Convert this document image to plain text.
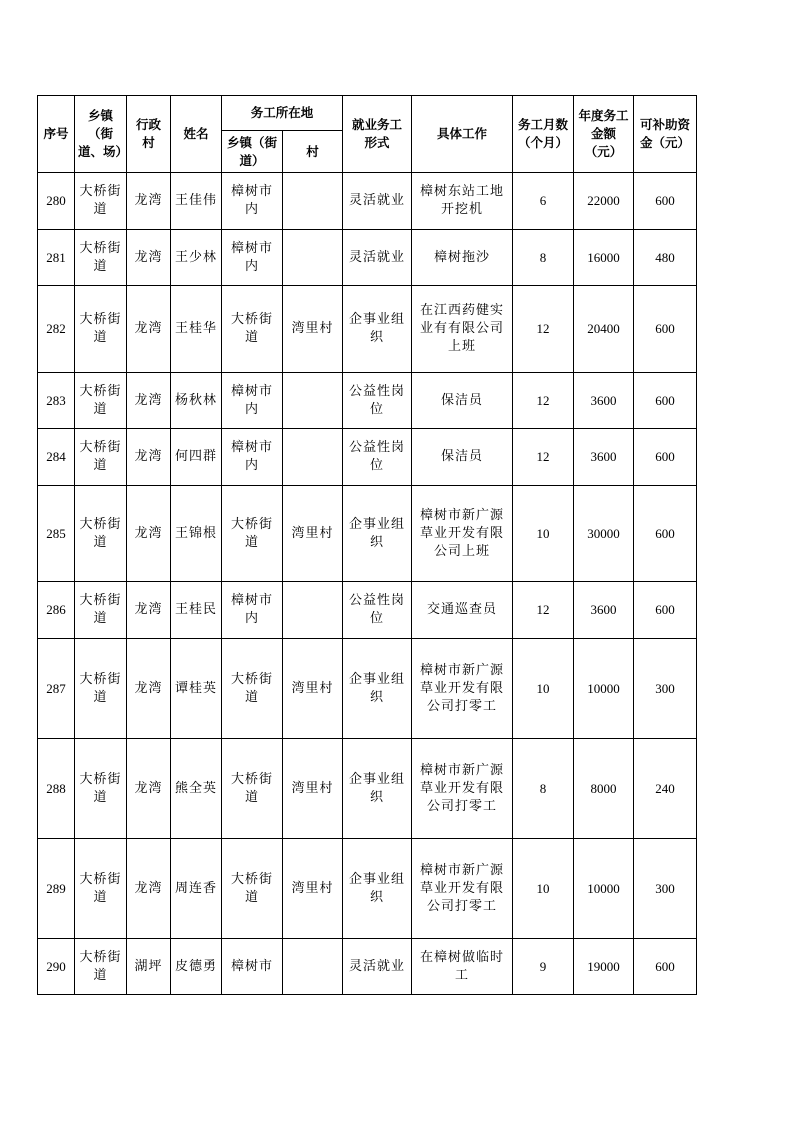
序号	乡镇（街道、场）	行政村	姓名	务工所在地		就业务工形式	具体工作	务工月数（个月）	年度务工金额（元）	可补助资金（元）
				乡镇（街道）	村					
280	大桥街道	龙湾	王佳伟	樟树市内		灵活就业	樟树东站工地开挖机	6	22000	600
281	大桥街道	龙湾	王少林	樟树市内		灵活就业	樟树拖沙	8	16000	480
282	大桥街道	龙湾	王桂华	大桥街道	湾里村	企事业组织	在江西药健实业有有限公司上班	12	20400	600
283	大桥街道	龙湾	杨秋林	樟树市内		公益性岗位	保洁员	12	3600	600
284	大桥街道	龙湾	何四群	樟树市内		公益性岗位	保洁员	12	3600	600
285	大桥街道	龙湾	王锦根	大桥街道	湾里村	企事业组织	樟树市新广源草业开发有限公司上班	10	30000	600
286	大桥街道	龙湾	王桂民	樟树市内		公益性岗位	交通巡查员	12	3600	600
287	大桥街道	龙湾	谭桂英	大桥街道	湾里村	企事业组织	樟树市新广源草业开发有限公司打零工	10	10000	300
288	大桥街道	龙湾	熊全英	大桥街道	湾里村	企事业组织	樟树市新广源草业开发有限公司打零工	8	8000	240
289	大桥街道	龙湾	周连香	大桥街道	湾里村	企事业组织	樟树市新广源草业开发有限公司打零工	10	10000	300
290	大桥街道	湖坪	皮德勇	樟树市		灵活就业	在樟树做临时工	9	19000	600
